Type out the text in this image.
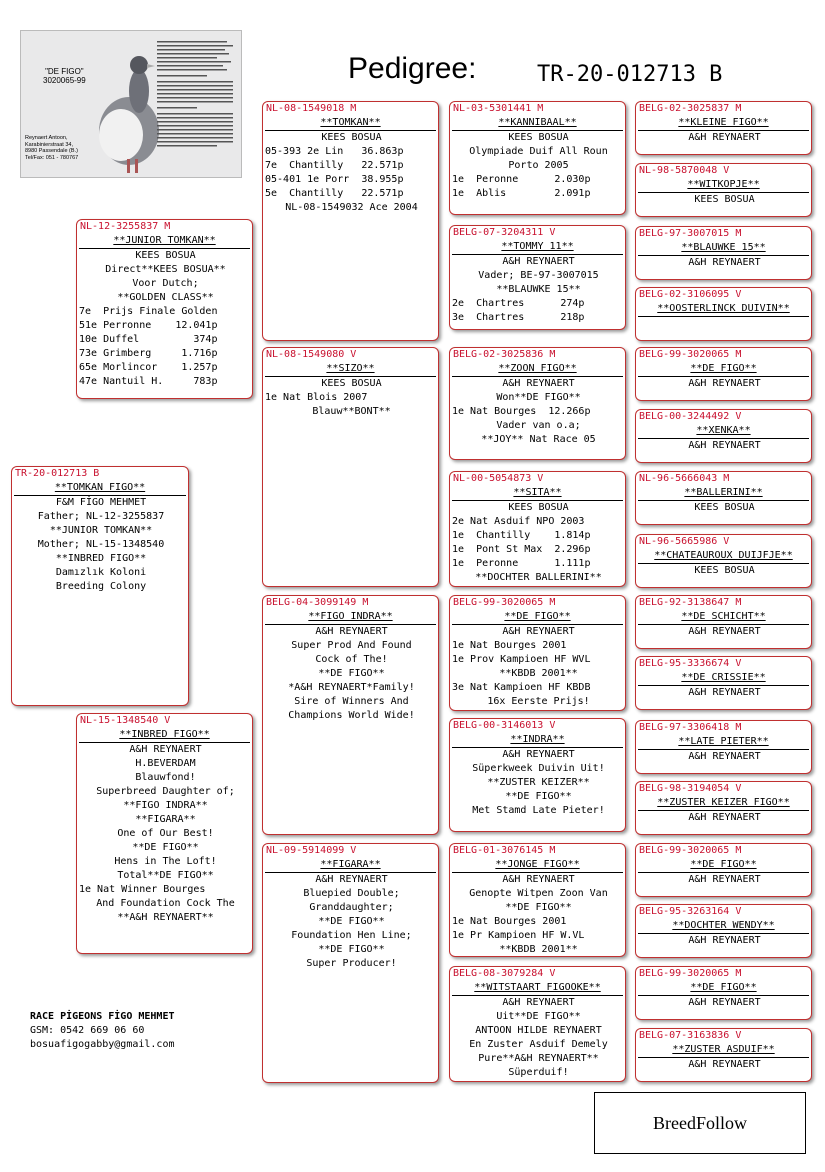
"DE FIGO"
3020065-99
Reynaert Antoon,
Karabinierstraat 34,
8980 Passendale (B.)
Tel/Fax: 051 - 780767
Pedigree:	TR-20-012713 B
TR-20-012713 B
**TOMKAN FIGO**
F&M FİGO MEHMET
Father; NL-12-3255837
**JUNIOR TOMKAN**
Mother; NL-15-1348540
**INBRED FIGO**
Damızlık Koloni
Breeding Colony
NL-12-3255837 M
**JUNIOR TOMKAN**
KEES BOSUA
Direct**KEES BOSUA**
Voor Dutch;
**GOLDEN CLASS**
7e  Prijs Finale Golden
51e Perronne    12.041p
10e Duffel         374p
73e Grimberg     1.716p
65e Morlincor    1.257p
47e Nantuil H.     783p
NL-15-1348540 V
**INBRED FIGO**
A&H REYNAERT
H.BEVERDAM
Blauwfond!
Superbreed Daughter of;
**FIGO INDRA**
**FIGARA**
One of Our Best!
**DE FIGO**
Hens in The Loft!
Total**DE FIGO**
1e Nat Winner Bourges
And Foundation Cock The
**A&H REYNAERT**
NL-08-1549018 M
**TOMKAN**
KEES BOSUA
05-393 2e Lin   36.863p
7e  Chantilly   22.571p
05-401 1e Porr  38.955p
5e  Chantilly   22.571p
NL-08-1549032 Ace 2004
NL-08-1549080 V
**SIZO**
KEES BOSUA
1e Nat Blois 2007
Blauw**BONT**
BELG-04-3099149 M
**FIGO INDRA**
A&H REYNAERT
Super Prod And Found
Cock of The!
**DE FIGO**
*A&H REYNAERT*Family!
Sire of Winners And
Champions World Wide!
NL-09-5914099 V
**FIGARA**
A&H REYNAERT
Bluepied Double;
Granddaughter;
**DE FIGO**
Foundation Hen Line;
**DE FIGO**
Super Producer!
NL-03-5301441 M
**KANNIBAAL**
KEES BOSUA
Olympiade Duif All Roun
Porto 2005
1e  Peronne      2.030p
1e  Ablis        2.091p
BELG-07-3204311 V
**TOMMY 11**
A&H REYNAERT
Vader; BE-97-3007015
**BLAUWKE 15**
2e  Chartres      274p
3e  Chartres      218p
BELG-02-3025836 M
**ZOON FIGO**
A&H REYNAERT
Won**DE FIGO**
1e Nat Bourges  12.266p
Vader van o.a;
**JOY** Nat Race 05
NL-00-5054873 V
**SITA**
KEES BOSUA
2e Nat Asduif NPO 2003
1e  Chantilly    1.814p
1e  Pont St Max  2.296p
1e  Peronne      1.111p
**DOCHTER BALLERINI**
BELG-99-3020065 M
**DE FIGO**
A&H REYNAERT
1e Nat Bourges 2001
1e Prov Kampioen HF WVL
**KBDB 2001**
3e Nat Kampioen HF KBDB
16x Eerste Prijs!
BELG-00-3146013 V
**INDRA**
A&H REYNAERT
Süperkweek Duivin Uit!
**ZUSTER KEIZER**
**DE FIGO**
Met Stamd Late Pieter!
BELG-01-3076145 M
**JONGE FIGO**
A&H REYNAERT
Genopte Witpen Zoon Van
**DE FIGO**
1e Nat Bourges 2001
1e Pr Kampioen HF W.VL
**KBDB 2001**
BELG-08-3079284 V
**WITSTAART FIGOOKE**
A&H REYNAERT
Uit**DE FIGO**
ANTOON HILDE REYNAERT
En Zuster Asduif Demely
Pure**A&H REYNAERT**
Süperduif!
BELG-02-3025837 M
**KLEINE FIGO**
A&H REYNAERT
NL-98-5870048 V
**WITKOPJE**
KEES BOSUA
BELG-97-3007015 M
**BLAUWKE 15**
A&H REYNAERT
BELG-02-3106095 V
**OOSTERLINCK DUIVIN**
BELG-99-3020065 M
**DE FIGO**
A&H REYNAERT
BELG-00-3244492 V
**XENKA**
A&H REYNAERT
NL-96-5666043 M
**BALLERINI**
KEES BOSUA
NL-96-5665986 V
**CHATEAUROUX DUIJFJE**
KEES BOSUA
BELG-92-3138647 M
**DE SCHICHT**
A&H REYNAERT
BELG-95-3336674 V
**DE CRISSIE**
A&H REYNAERT
BELG-97-3306418 M
**LATE PIETER**
A&H REYNAERT
BELG-98-3194054 V
**ZUSTER KEIZER FIGO**
A&H REYNAERT
BELG-99-3020065 M
**DE FIGO**
A&H REYNAERT
BELG-95-3263164 V
**DOCHTER WENDY**
A&H REYNAERT
BELG-99-3020065 M
**DE FIGO**
A&H REYNAERT
BELG-07-3163836 V
**ZUSTER ASDUIF**
A&H REYNAERT
RACE PİGEONS FİGO MEHMET
GSM: 0542 669 06 60
bosuafigogabby@gmail.com
BreedFollow
